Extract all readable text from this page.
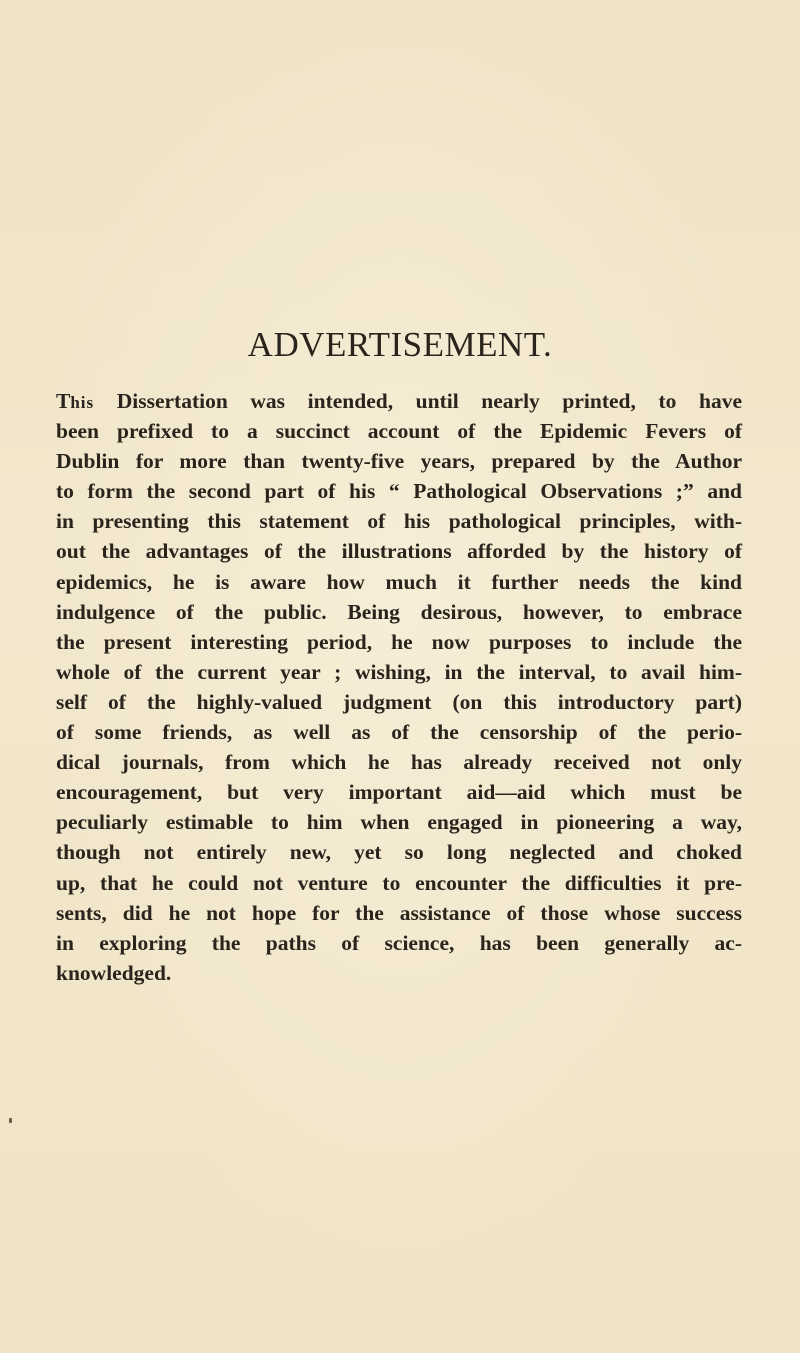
ADVERTISEMENT.
This Dissertation was intended, until nearly printed, to have
been prefixed to a succinct account of the Epidemic Fevers of
Dublin for more than twenty-five years, prepared by the Author
to form the second part of his “ Pathological Observations ;” and
in presenting this statement of his pathological principles, with-
out the advantages of the illustrations afforded by the history of
epidemics, he is aware how much it further needs the kind
indulgence of the public. Being desirous, however, to embrace
the present interesting period, he now purposes to include the
whole of the current year ; wishing, in the interval, to avail him-
self of the highly-valued judgment (on this introductory part)
of some friends, as well as of the censorship of the perio-
dical journals, from which he has already received not only
encouragement, but very important aid—aid which must be
peculiarly estimable to him when engaged in pioneering a way,
though not entirely new, yet so long neglected and choked
up, that he could not venture to encounter the difficulties it pre-
sents, did he not hope for the assistance of those whose success
in exploring the paths of science, has been generally ac-
knowledged.
